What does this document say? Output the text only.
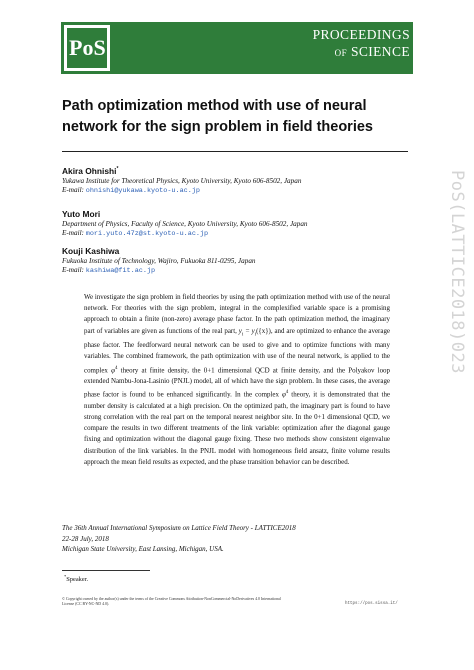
PoS
PROCEEDINGS
OF SCIENCE
Path optimization method with use of neural network for the sign problem in field theories
Akira Ohnishi*
Yukawa Institute for Theoretical Physics, Kyoto University, Kyoto 606-8502, Japan
E-mail: ohnishi@yukawa.kyoto-u.ac.jp
Yuto Mori
Department of Physics, Faculty of Science, Kyoto University, Kyoto 606-8502, Japan
E-mail: mori.yuto.47z@st.kyoto-u.ac.jp
Kouji Kashiwa
Fukuoka Institute of Technology, Wajiro, Fukuoka 811-0295, Japan
E-mail: kashiwa@fit.ac.jp
We investigate the sign problem in field theories by using the path optimization method with use of the neural network. For theories with the sign problem, integral in the complexified variable space is a promising approach to obtain a finite (non-zero) average phase factor. In the path optimization method, the imaginary part of variables are given as functions of the real part, $y_i = y_i(\{x\})$, and are optimized to enhance the average phase factor. The feedforward neural network can be used to give and to optimize functions with many variables. The combined framework, the path optimization with use of the neural network, is applied to the complex $\varphi^4$ theory at finite density, the 0+1 dimensional QCD at finite density, and the Polyakov loop extended Nambu-Jona-Lasinio (PNJL) model, all of which have the sign problem. In these cases, the average phase factor is found to be enhanced significantly. In the complex $\varphi^4$ theory, it is demonstrated that the number density is calculated at a high precision. On the optimized path, the imaginary part is found to have strong correlation with the real part on the temporal nearest neighbor site. In the 0+1 dimensional QCD, we compare the results in two different treatments of the link variable: optimization after the diagonal gauge fixing and optimization without the diagonal gauge fixing. These two methods show consistent eigenvalue distribution of the link variables. In the PNJL model with homogeneous field ansatz, finite volume results approach the mean field results as expected, and the phase transition behavior can be described.
The 36th Annual International Symposium on Lattice Field Theory - LATTICE2018
22-28 July, 2018
Michigan State University, East Lansing, Michigan, USA.
*Speaker.
© Copyright owned by the author(s) under the terms of the Creative Commons Attribution-NonCommercial-NoDerivatives 4.0 International License (CC BY-NC-ND 4.0).	https://pos.sissa.it/
PoS(LATTICE2018)023
